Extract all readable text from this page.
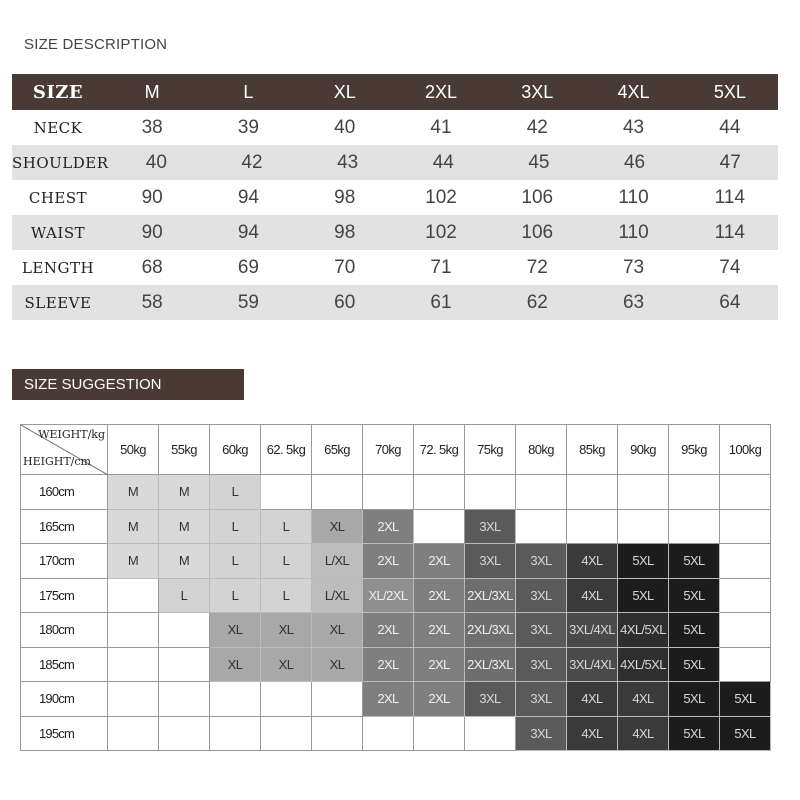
SIZE DESCRIPTION
SIZE	M	L	XL	2XL	3XL	4XL	5XL
NECK	38	39	40	41	42	43	44
SHOULDER	40	42	43	44	45	46	47
CHEST	90	94	98	102	106	110	114
WAIST	90	94	98	102	106	110	114
LENGTH	68	69	70	71	72	73	74
SLEEVE	58	59	60	61	62	63	64
SIZE SUGGESTION
WEIGHT/kg
HEIGHT/cm	50kg	55kg	60kg	62. 5kg	65kg	70kg	72. 5kg	75kg	80kg	85kg	90kg	95kg	100kg
160cm	M	M	L										
165cm	M	M	L	L	XL	2XL		3XL					
170cm	M	M	L	L	L/XL	2XL	2XL	3XL	3XL	4XL	5XL	5XL	
175cm		L	L	L	L/XL	XL/2XL	2XL	2XL/3XL	3XL	4XL	5XL	5XL	
180cm			XL	XL	XL	2XL	2XL	2XL/3XL	3XL	3XL/4XL	4XL/5XL	5XL	
185cm			XL	XL	XL	2XL	2XL	2XL/3XL	3XL	3XL/4XL	4XL/5XL	5XL	
190cm						2XL	2XL	3XL	3XL	4XL	4XL	5XL	5XL
195cm									3XL	4XL	4XL	5XL	5XL
